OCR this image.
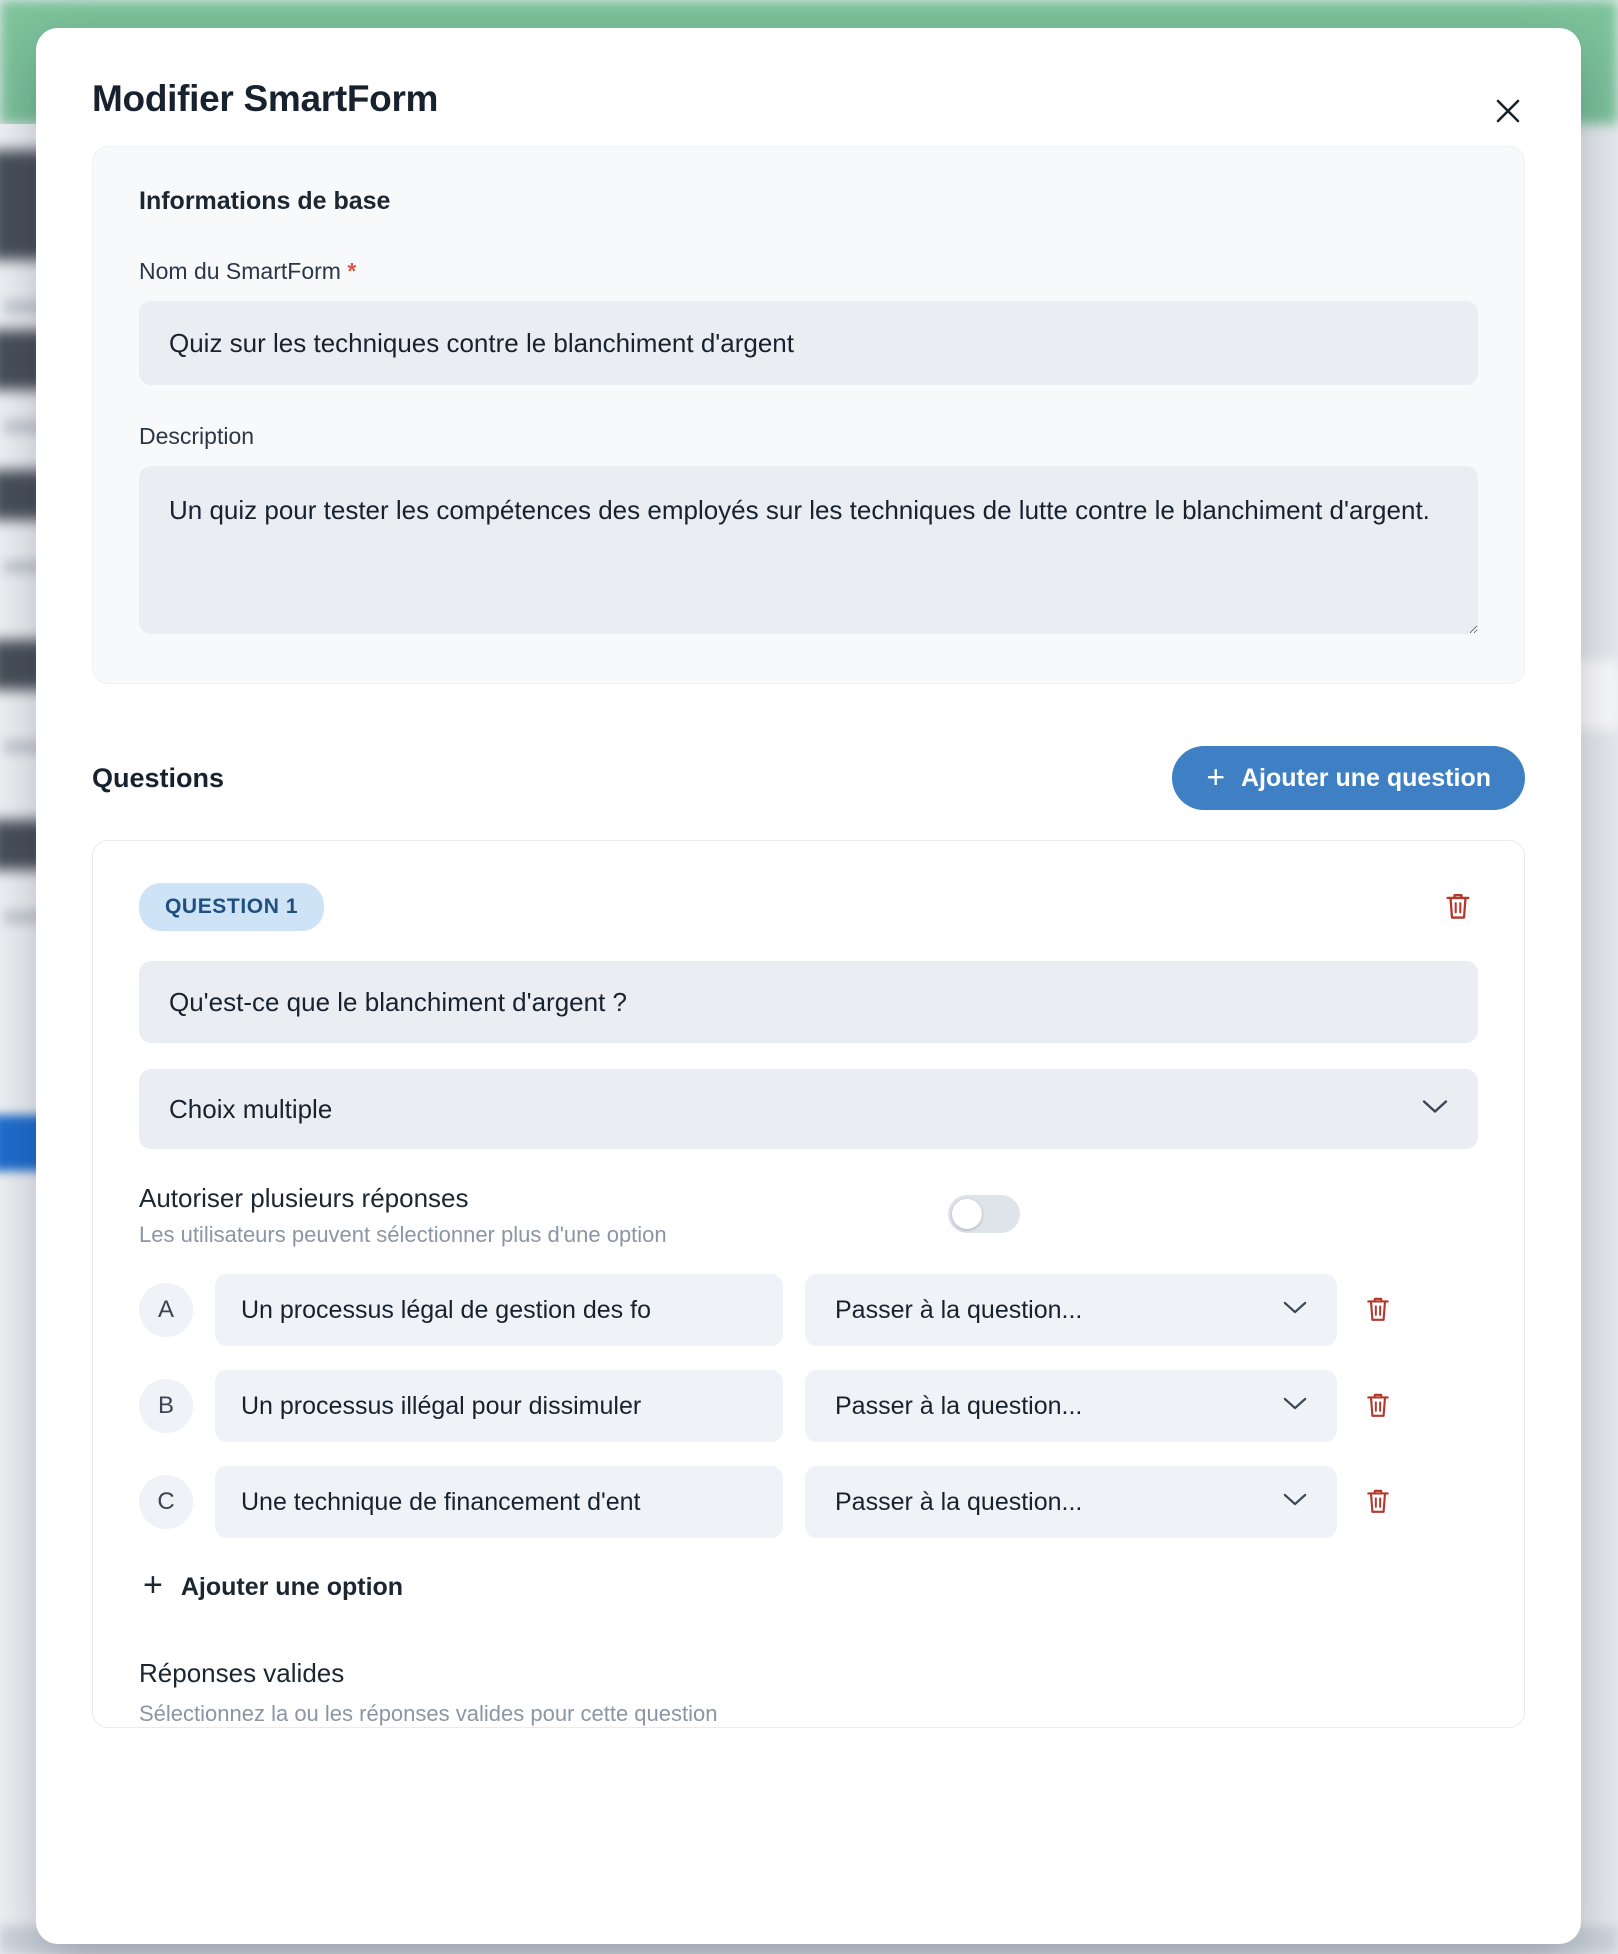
Modifier SmartForm
Informations de base
Nom du SmartForm *
Quiz sur les techniques contre le blanchiment d'argent
Description
Un quiz pour tester les compétences des employés sur les techniques de lutte contre le blanchiment d'argent.
Questions	+ Ajouter une question
QUESTION 1
Qu'est-ce que le blanchiment d'argent ?
Choix multiple

Autoriser plusieurs réponses

Les utilisateurs peuvent sélectionner plus d'une option

A
Un processus légal de gestion des fo	Passer à la question...
B
Un processus illégal pour dissimuler	Passer à la question...
C
Une technique de financement d'ent	Passer à la question...
+ Ajouter une option

Réponses valides

Sélectionnez la ou les réponses valides pour cette question
